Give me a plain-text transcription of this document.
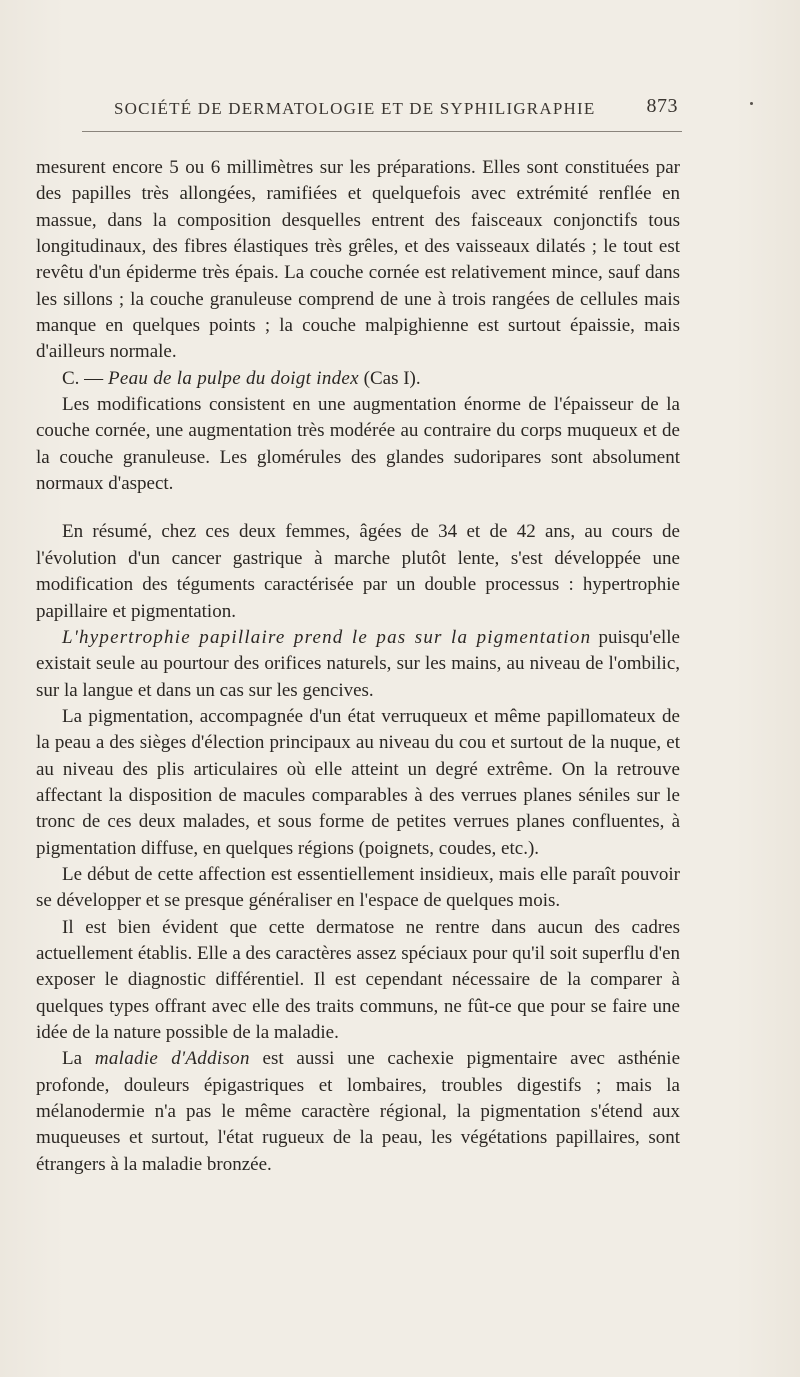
SOCIÉTÉ DE DERMATOLOGIE ET DE SYPHILIGRAPHIE	873

mesurent encore 5 ou 6 millimètres sur les préparations. Elles sont constituées par des papilles très allongées, ramifiées et quelquefois avec extrémité renflée en massue, dans la composition desquelles entrent des faisceaux conjonctifs tous longitudinaux, des fibres élastiques très grêles, et des vaisseaux dilatés ; le tout est revêtu d'un épiderme très épais. La couche cornée est relativement mince, sauf dans les sillons ; la couche granuleuse comprend de une à trois rangées de cellules mais manque en quelques points ; la couche malpighienne est surtout épaissie, mais d'ailleurs normale.

C. — Peau de la pulpe du doigt index (Cas I).

Les modifications consistent en une augmentation énorme de l'épaisseur de la couche cornée, une augmentation très modérée au contraire du corps muqueux et de la couche granuleuse. Les glomérules des glandes sudoripares sont absolument normaux d'aspect.

En résumé, chez ces deux femmes, âgées de 34 et de 42 ans, au cours de l'évolution d'un cancer gastrique à marche plutôt lente, s'est développée une modification des téguments caractérisée par un double processus : hypertrophie papillaire et pigmentation.

L'hypertrophie papillaire prend le pas sur la pigmentation puisqu'elle existait seule au pourtour des orifices naturels, sur les mains, au niveau de l'ombilic, sur la langue et dans un cas sur les gencives.

La pigmentation, accompagnée d'un état verruqueux et même papillomateux de la peau a des sièges d'élection principaux au niveau du cou et surtout de la nuque, et au niveau des plis articulaires où elle atteint un degré extrême. On la retrouve affectant la disposition de macules comparables à des verrues planes séniles sur le tronc de ces deux malades, et sous forme de petites verrues planes confluentes, à pigmentation diffuse, en quelques régions (poignets, coudes, etc.).

Le début de cette affection est essentiellement insidieux, mais elle paraît pouvoir se développer et se presque généraliser en l'espace de quelques mois.

Il est bien évident que cette dermatose ne rentre dans aucun des cadres actuellement établis. Elle a des caractères assez spéciaux pour qu'il soit superflu d'en exposer le diagnostic différentiel. Il est cependant nécessaire de la comparer à quelques types offrant avec elle des traits communs, ne fût-ce que pour se faire une idée de la nature possible de la maladie.

La maladie d'Addison est aussi une cachexie pigmentaire avec asthénie profonde, douleurs épigastriques et lombaires, troubles digestifs ; mais la mélanodermie n'a pas le même caractère régional, la pigmentation s'étend aux muqueuses et surtout, l'état rugueux de la peau, les végétations papillaires, sont étrangers à la maladie bronzée.
